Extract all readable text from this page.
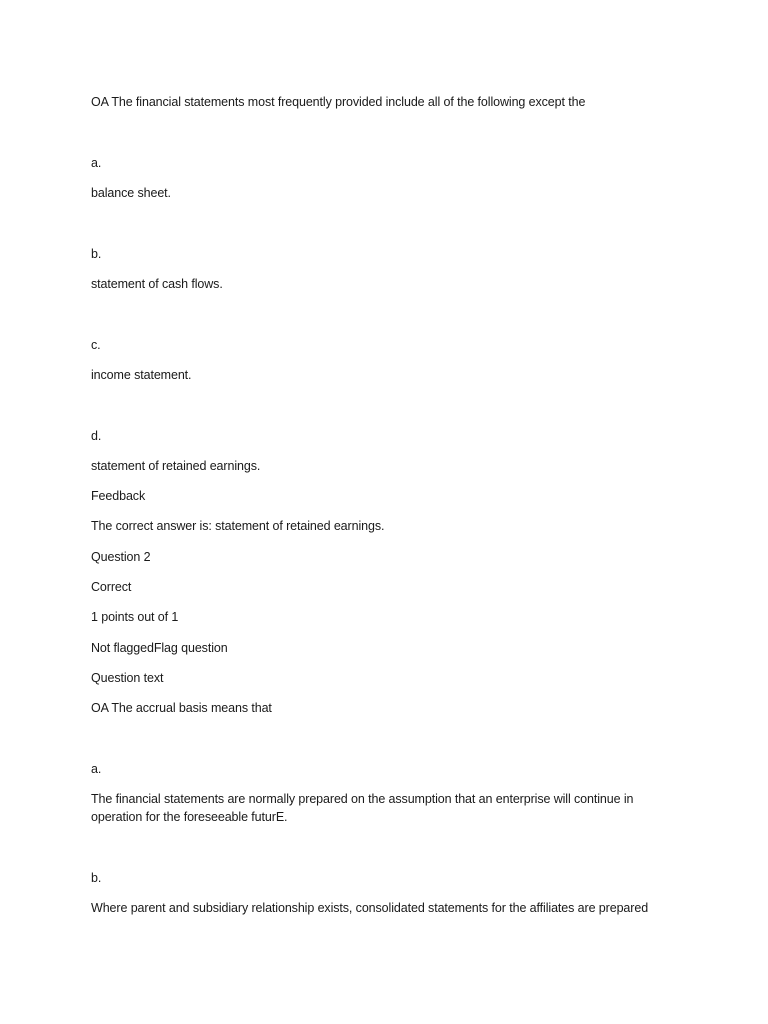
OA The financial statements most frequently provided include all of the following except the
a.
balance sheet.
b.
statement of cash flows.
c.
income statement.
d.
statement of retained earnings.
Feedback
The correct answer is: statement of retained earnings.
Question 2
Correct
1 points out of 1
Not flaggedFlag question
Question text
OA The accrual basis means that
a.
The financial statements are normally prepared on the assumption that an enterprise will continue in operation for the foreseeable futurE.
b.
Where parent and subsidiary relationship exists, consolidated statements for the affiliates are prepared
